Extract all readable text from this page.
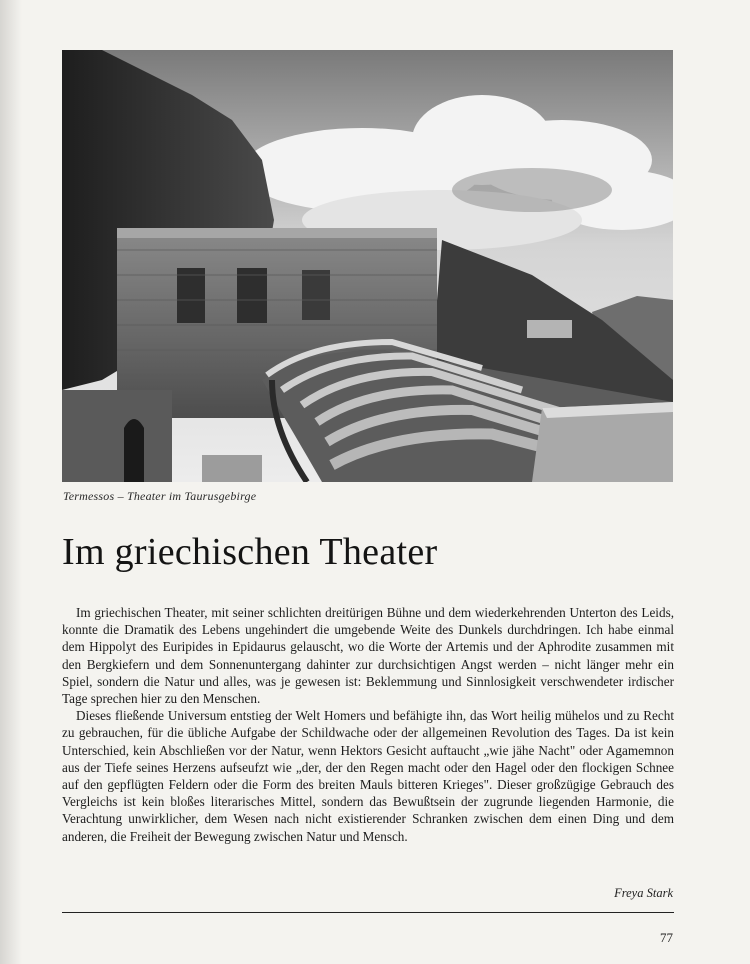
Termessos – Theater im Taurusgebirge
Im griechischen Theater

Im griechischen Theater, mit seiner schlichten dreitürigen Bühne und dem wiederkehrenden Unterton des Leids, konnte die Dramatik des Lebens ungehindert die umgebende Weite des Dunkels durchdringen. Ich habe einmal dem Hippolyt des Euripides in Epidaurus gelauscht, wo die Worte der Artemis und der Aphrodite zusammen mit den Bergkiefern und dem Sonnenuntergang dahinter zur durchsichtigen Angst werden – nicht länger mehr ein Spiel, sondern die Natur und alles, was je gewesen ist: Beklemmung und Sinnlosigkeit verschwendeter irdischer Tage sprechen hier zu den Menschen.

Dieses fließende Universum entstieg der Welt Homers und befähigte ihn, das Wort heilig mühelos und zu Recht zu gebrauchen, für die übliche Aufgabe der Schildwache oder der allgemeinen Revolution des Tages. Da ist kein Unterschied, kein Abschließen vor der Natur, wenn Hektors Gesicht auftaucht „wie jähe Nacht" oder Agamemnon aus der Tiefe seines Herzens aufseufzt wie „der, der den Regen macht oder den Hagel oder den flockigen Schnee auf den gepflügten Feldern oder die Form des breiten Mauls bitteren Krieges". Dieser großzügige Gebrauch des Vergleichs ist kein bloßes literarisches Mittel, sondern das Bewußtsein der zugrunde liegenden Harmonie, die Verachtung unwirklicher, dem Wesen nach nicht existierender Schranken zwischen dem einen Ding und dem anderen, die Freiheit der Bewegung zwischen Natur und Mensch.

Freya Stark
77
